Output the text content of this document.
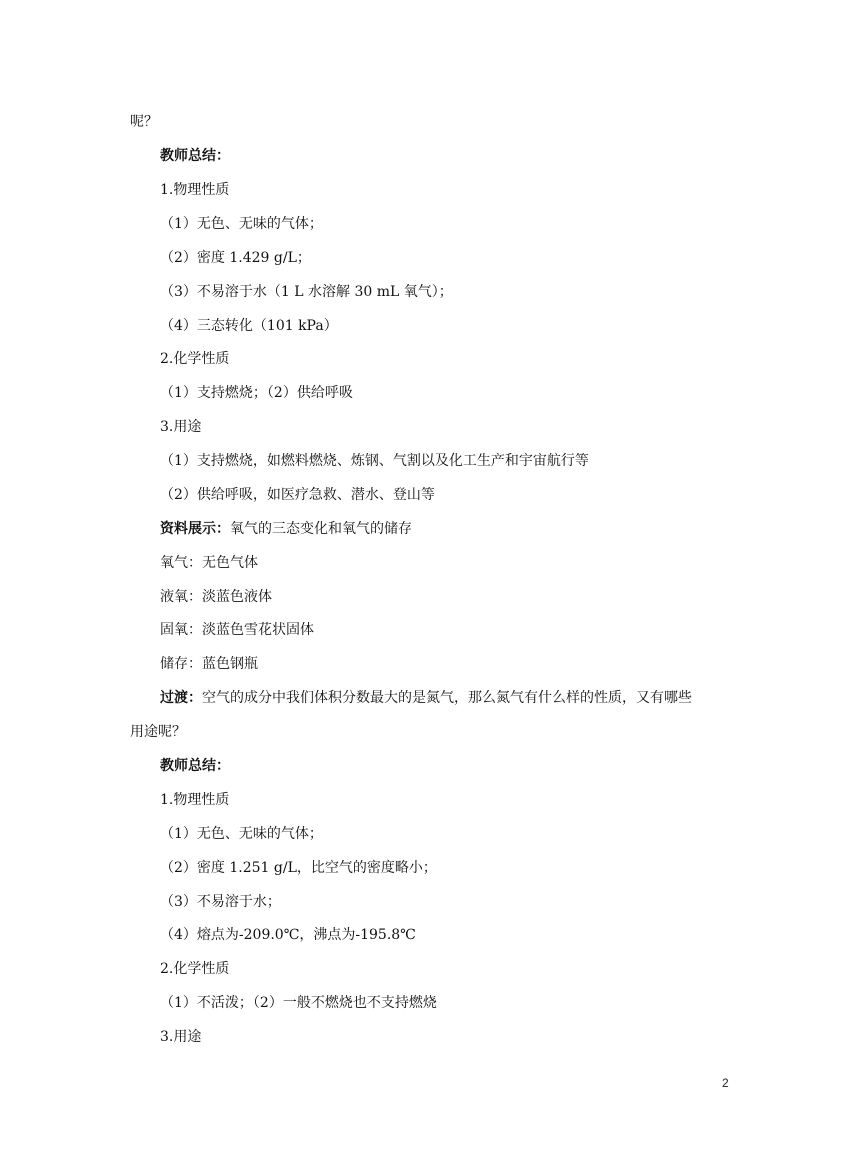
呢？
教师总结：
1.物理性质
（1）无色、无味的气体；
（2）密度 1.429 g/L；
（3）不易溶于水（1 L 水溶解 30 mL 氧气）；
（4）三态转化（101 kPa）
2.化学性质
（1）支持燃烧；（2）供给呼吸
3.用途
（1）支持燃烧，如燃料燃烧、炼钢、气割以及化工生产和宇宙航行等
（2）供给呼吸，如医疗急救、潜水、登山等
资料展示：氧气的三态变化和氧气的储存
氧气：无色气体
液氧：淡蓝色液体
固氧：淡蓝色雪花状固体
储存：蓝色钢瓶
过渡：空气的成分中我们体积分数最大的是氮气，那么氮气有什么样的性质，又有哪些
用途呢？
教师总结：
1.物理性质
（1）无色、无味的气体；
（2）密度 1.251 g/L，比空气的密度略小；
（3）不易溶于水；
（4）熔点为-209.0℃，沸点为-195.8℃
2.化学性质
（1）不活泼；（2）一般不燃烧也不支持燃烧
3.用途
2
